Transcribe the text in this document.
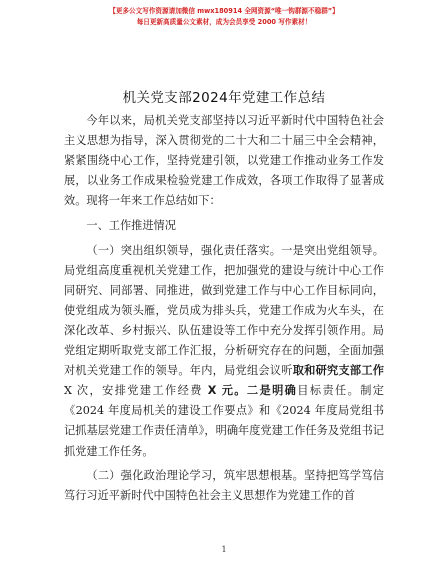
【更多公文写作资源请加微信 mwx180914 全网资源“唯一钩群源不稳群”】
每日更新高质量公文素材，成为会员享受 2000 写作素材！
机关党支部2024年党建工作总结

今年以来，局机关党支部坚持以习近平新时代中国特色社会主义思想为指导，深入贯彻党的二十大和二十届三中全会精神，紧紧围绕中心工作，坚持党建引领，以党建工作推动业务工作发展，以业务工作成果检验党建工作成效，各项工作取得了显著成效。现将一年来工作总结如下：

一、工作推进情况

（一）突出组织领导，强化责任落实。一是突出党组领导。局党组高度重视机关党建工作，把加强党的建设与统计中心工作同研究、同部署、同推进，做到党建工作与中心工作目标同向，使党组成为领头雁，党员成为排头兵，党建工作成为火车头，在深化改革、乡村振兴、队伍建设等工作中充分发挥引领作用。局党组定期听取党支部工作汇报，分析研究存在的问题，全面加强对机关党建工作的领导。年内，局党组会议听取和研究支部工作 X 次，安排党建工作经费 X 元。二是明确目标责任。制定《2024 年度局机关的建设工作要点》和《2024 年度局党组书记抓基层党建工作责任清单》，明确年度党建工作任务及党组书记抓党建工作任务。

（二）强化政治理论学习，筑牢思想根基。坚持把笃学笃信笃行习近平新时代中国特色社会主义思想作为党建工作的首

1
